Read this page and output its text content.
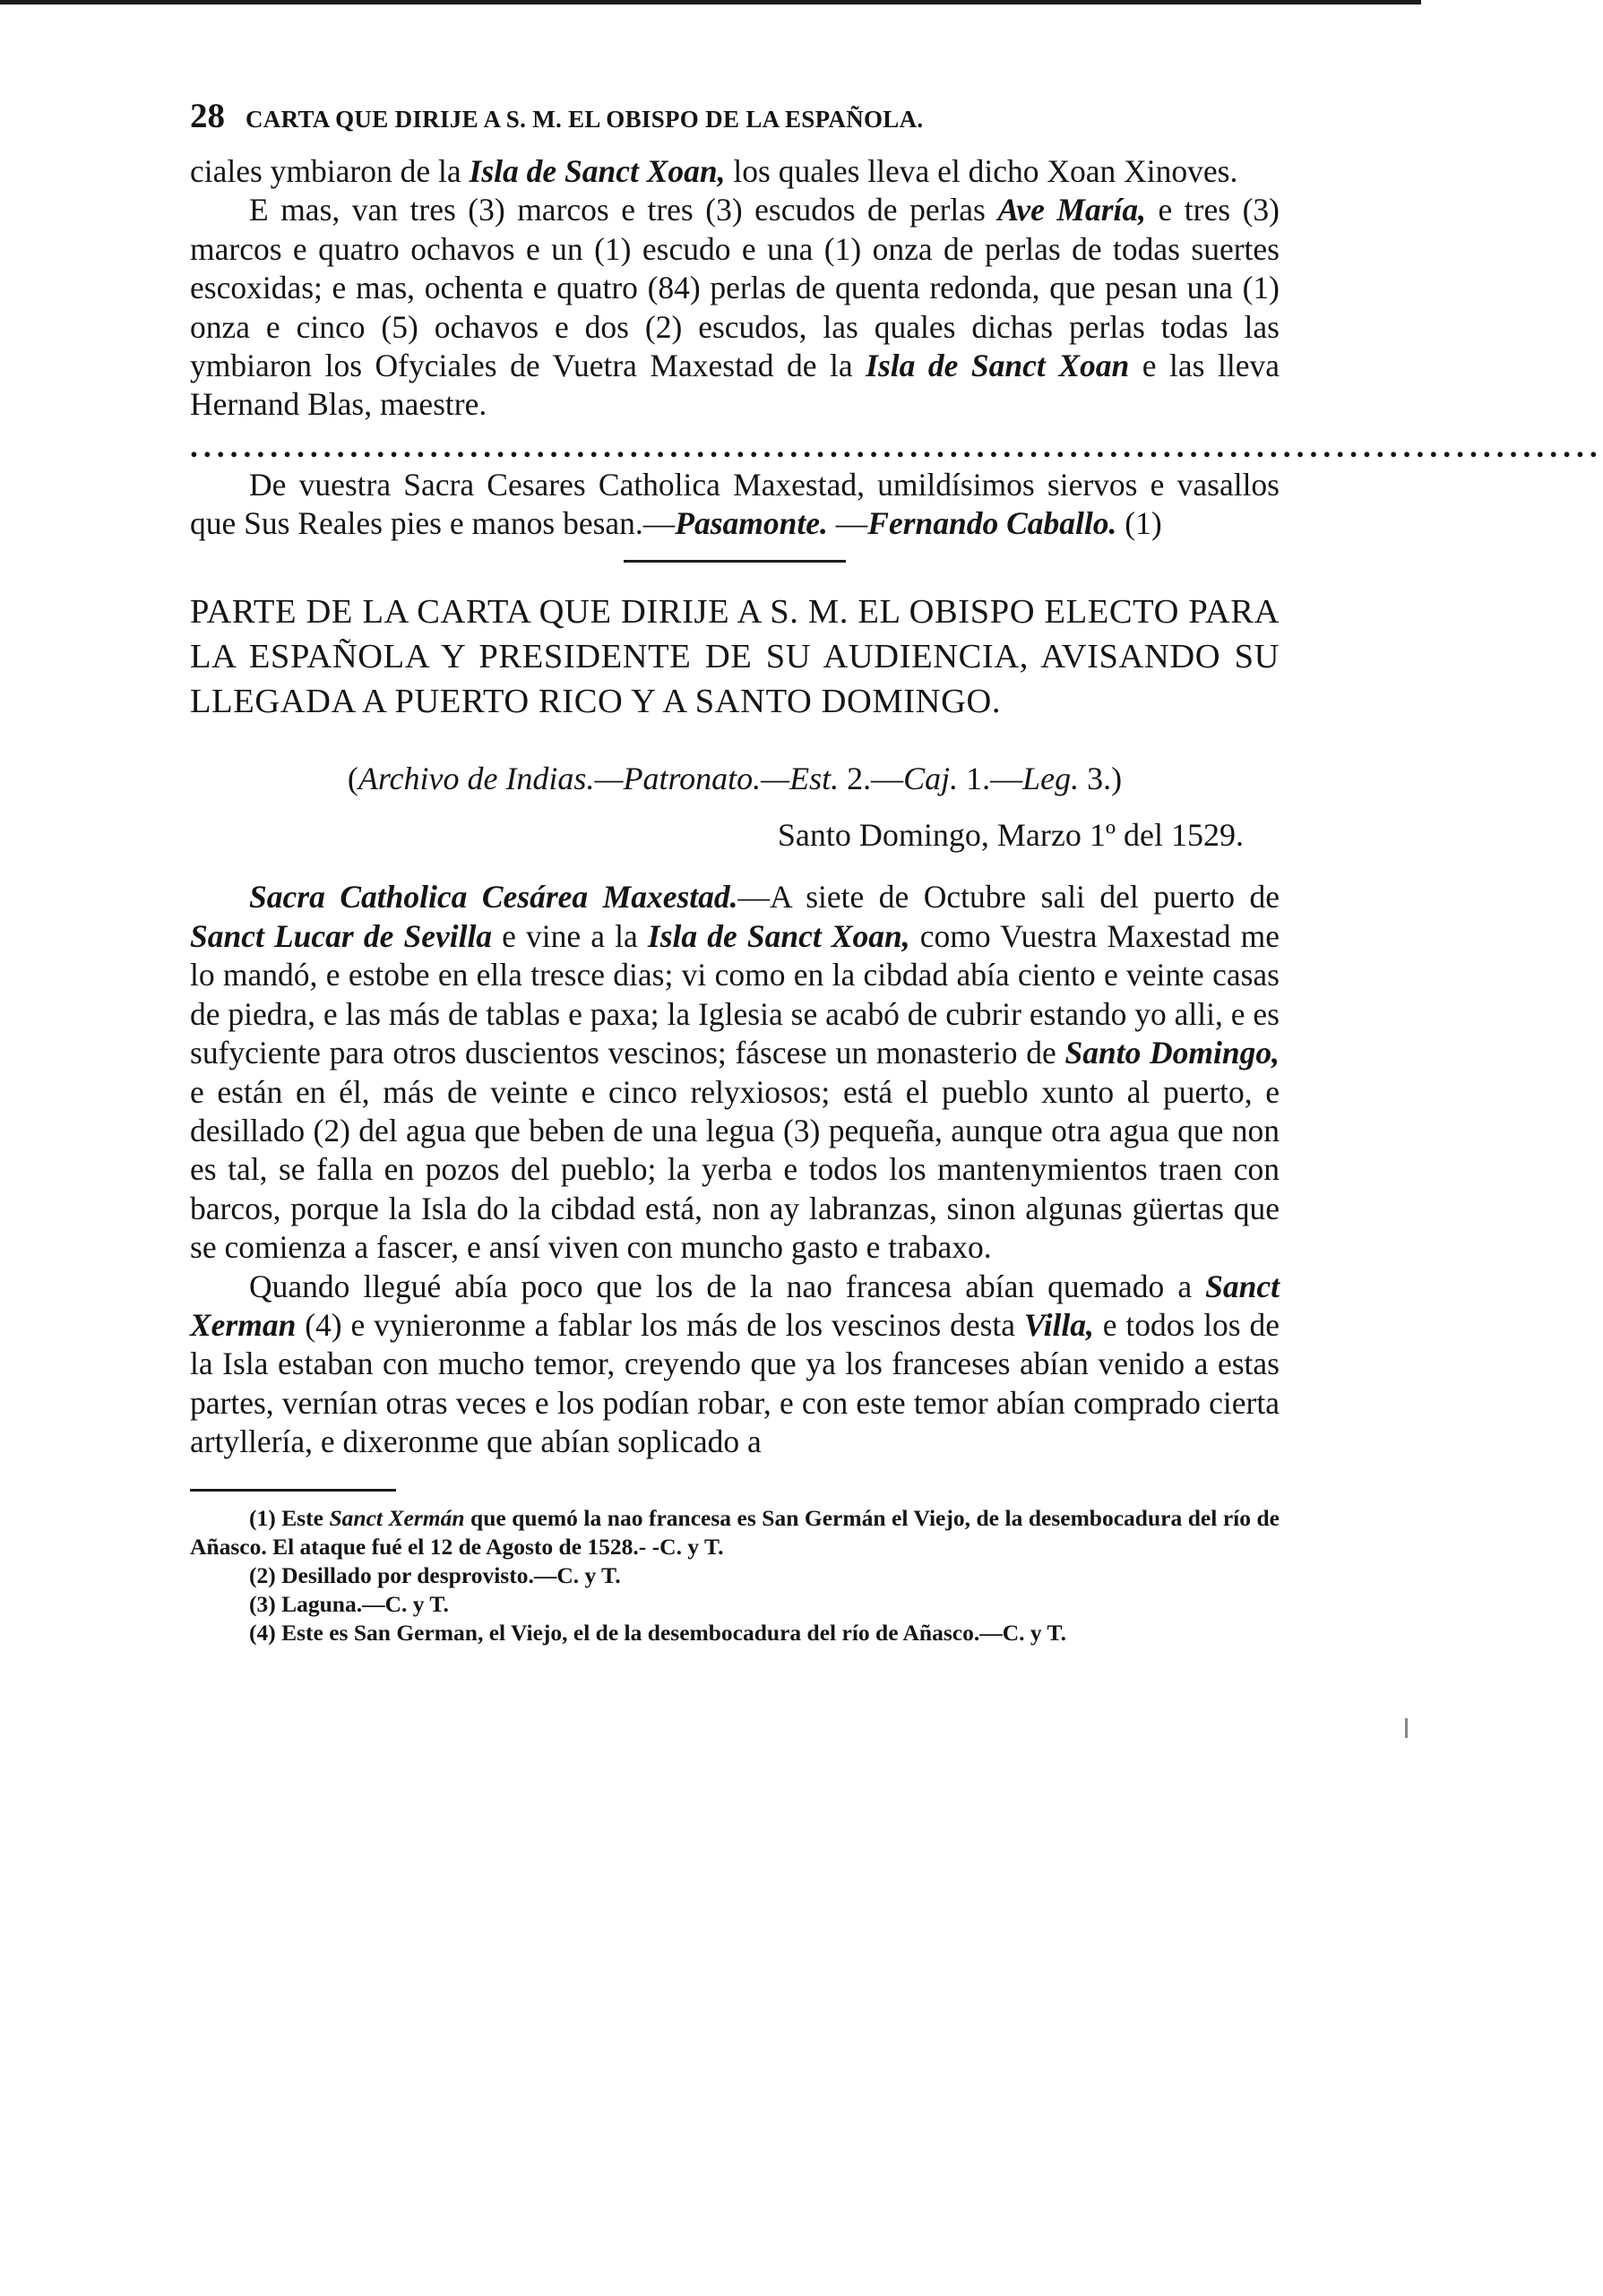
28 CARTA QUE DIRIJE A S. M. EL OBISPO DE LA ESPAÑOLA.

ciales ymbiaron de la Isla de Sanct Xoan, los quales lleva el dicho Xoan Xinoves.

E mas, van tres (3) marcos e tres (3) escudos de perlas Ave María, e tres (3) marcos e quatro ochavos e un (1) escudo e una (1) onza de perlas de todas suertes escoxidas; e mas, ochenta e quatro (84) perlas de quenta redonda, que pesan una (1) onza e cinco (5) ochavos e dos (2) escudos, las quales dichas perlas todas las ymbiaron los Ofyciales de Vuetra Maxestad de la Isla de Sanct Xoan e las lleva Hernand Blas, maestre.

..........................................................................................................

De vuestra Sacra Cesares Catholica Maxestad, umildísimos siervos e vasallos que Sus Reales pies e manos besan.—Pasamonte. —Fernando Caballo. (1)

PARTE DE LA CARTA QUE DIRIJE A S. M. EL OBISPO ELECTO PARA LA ESPAÑOLA Y PRESIDENTE DE SU AUDIENCIA, AVISANDO SU LLEGADA A PUERTO RICO Y A SANTO DOMINGO.

(Archivo de Indias.—Patronato.—Est. 2.—Caj. 1.—Leg. 3.)
Santo Domingo, Marzo 1º del 1529.

Sacra Catholica Cesárea Maxestad.—A siete de Octubre sali del puerto de Sanct Lucar de Sevilla e vine a la Isla de Sanct Xoan, como Vuestra Maxestad me lo mandó, e estobe en ella tresce dias; vi como en la cibdad abía ciento e veinte casas de piedra, e las más de tablas e paxa; la Iglesia se acabó de cubrir estando yo alli, e es sufyciente para otros duscientos vescinos; fáscese un monasterio de Santo Domingo, e están en él, más de veinte e cinco relyxiosos; está el pueblo xunto al puerto, e desillado (2) del agua que beben de una legua (3) pequeña, aunque otra agua que non es tal, se falla en pozos del pueblo; la yerba e todos los mantenymientos traen con barcos, porque la Isla do la cibdad está, non ay labranzas, sinon algunas güertas que se comienza a fascer, e ansí viven con muncho gasto e trabaxo.

Quando llegué abía poco que los de la nao francesa abían quemado a Sanct Xerman (4) e vynieronme a fablar los más de los vescinos desta Villa, e todos los de la Isla estaban con mucho temor, creyendo que ya los franceses abían venido a estas partes, vernían otras veces e los podían robar, e con este temor abían comprado cierta artyllería, e dixeronme que abían soplicado a

(1) Este Sanct Xermán que quemó la nao francesa es San Germán el Viejo, de la desembocadura del río de Añasco. El ataque fué el 12 de Agosto de 1528.- -C. y T.

(2) Desillado por desprovisto.—C. y T.

(3) Laguna.—C. y T.

(4) Este es San German, el Viejo, el de la desembocadura del río de Añasco.—C. y T.
